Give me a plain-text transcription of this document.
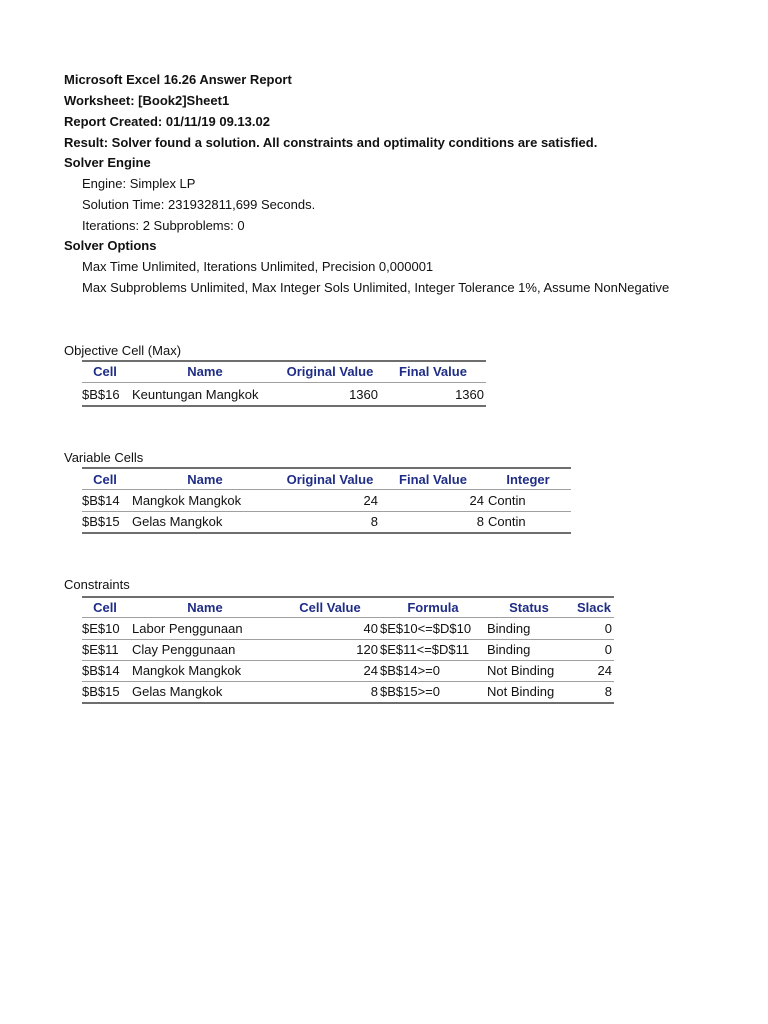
Microsoft Excel 16.26 Answer Report
Worksheet: [Book2]Sheet1
Report Created: 01/11/19 09.13.02
Result: Solver found a solution. All constraints and optimality conditions are satisfied.
Solver Engine
Engine: Simplex LP
Solution Time: 231932811,699 Seconds.
Iterations: 2 Subproblems: 0
Solver Options
Max Time Unlimited, Iterations Unlimited, Precision 0,000001
Max Subproblems Unlimited, Max Integer Sols Unlimited, Integer Tolerance 1%, Assume NonNegative
Objective Cell (Max)
Cell	Name	Original Value	Final Value
$B$16 Keuntungan Mangkok	1360	1360
Variable Cells
Cell	Name	Original Value	Final Value	Integer
$B$14 Mangkok Mangkok	24	24 Contin
$B$15 Gelas Mangkok	8	8 Contin
Constraints
Cell	Name	Cell Value	Formula	Status	Slack
$E$10 Labor Penggunaan	40 $E$10<=$D$10 Binding	0
$E$11 Clay Penggunaan	120 $E$11<=$D$11 Binding	0
$B$14 Mangkok Mangkok	24 $B$14>=0	Not Binding	24
$B$15 Gelas Mangkok	8 $B$15>=0	Not Binding	8
